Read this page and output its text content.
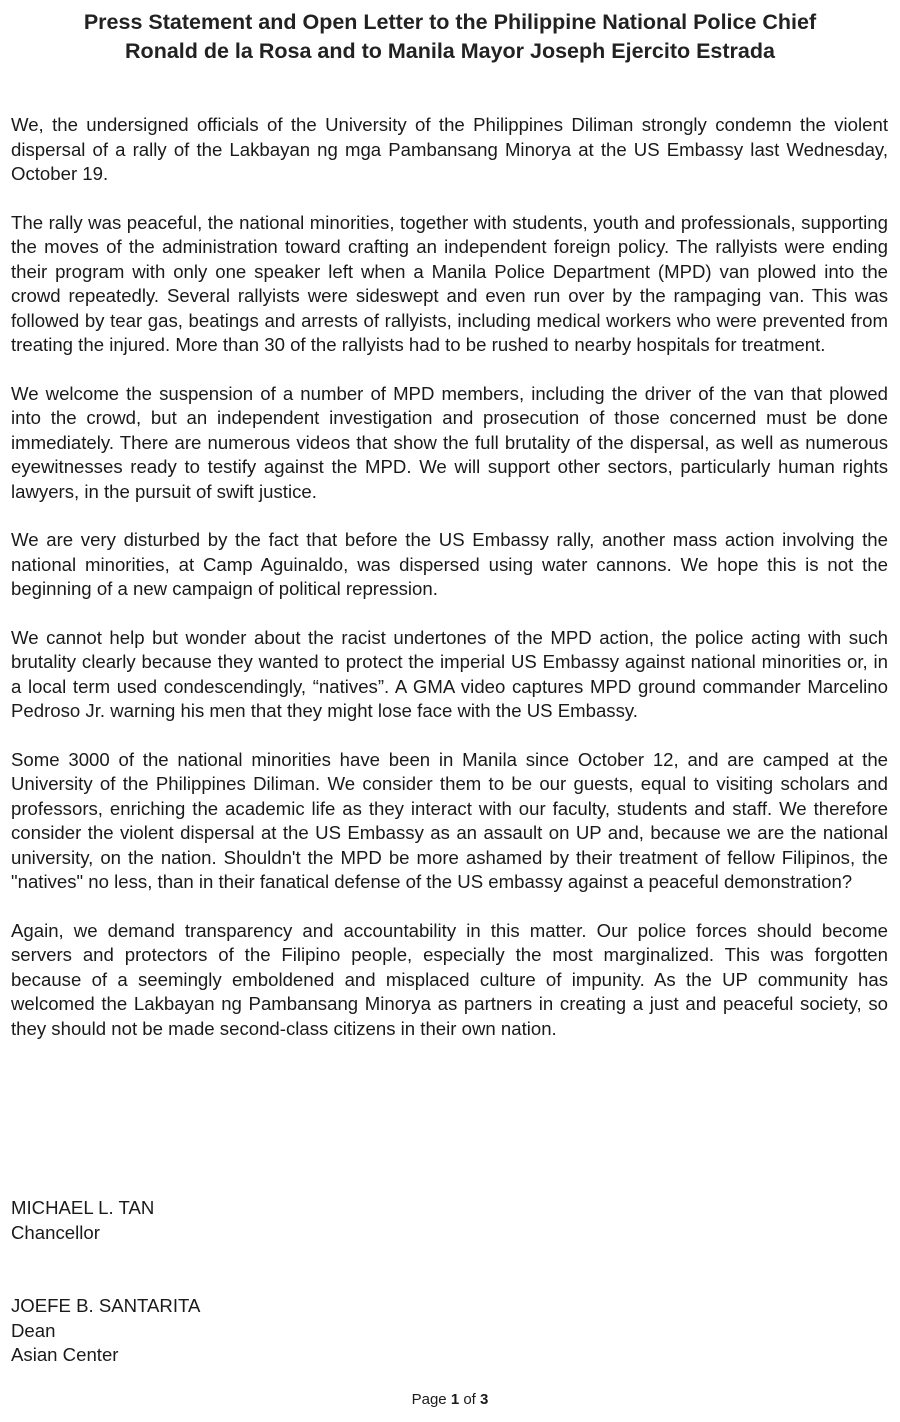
Press Statement and Open Letter to the Philippine National Police Chief
Ronald de la Rosa and to Manila Mayor Joseph Ejercito Estrada

We, the undersigned officials of the University of the Philippines Diliman strongly condemn the violent dispersal of a rally of the Lakbayan ng mga Pambansang Minorya at the US Embassy last Wednesday, October 19.

The rally was peaceful, the national minorities, together with students, youth and professionals, supporting the moves of the administration toward crafting an independent foreign policy. The rallyists were ending their program with only one speaker left when a Manila Police Department (MPD) van plowed into the crowd repeatedly. Several rallyists were sideswept and even run over by the rampaging van. This was followed by tear gas, beatings and arrests of rallyists, including medical workers who were prevented from treating the injured. More than 30 of the rallyists had to be rushed to nearby hospitals for treatment.

We welcome the suspension of a number of MPD members, including the driver of the van that plowed into the crowd, but an independent investigation and prosecution of those concerned must be done immediately. There are numerous videos that show the full brutality of the dispersal, as well as numerous eyewitnesses ready to testify against the MPD. We will support other sectors, particularly human rights lawyers, in the pursuit of swift justice.

We are very disturbed by the fact that before the US Embassy rally, another mass action involving the national minorities, at Camp Aguinaldo, was dispersed using water cannons. We hope this is not the beginning of a new campaign of political repression.

We cannot help but wonder about the racist undertones of the MPD action, the police acting with such brutality clearly because they wanted to protect the imperial US Embassy against national minorities or, in a local term used condescendingly, “natives”. A GMA video captures MPD ground commander Marcelino Pedroso Jr. warning his men that they might lose face with the US Embassy.

Some 3000 of the national minorities have been in Manila since October 12, and are camped at the University of the Philippines Diliman. We consider them to be our guests, equal to visiting scholars and professors, enriching the academic life as they interact with our faculty, students and staff. We therefore consider the violent dispersal at the US Embassy as an assault on UP and, because we are the national university, on the nation. Shouldn't the MPD be more ashamed by their treatment of fellow Filipinos, the "natives" no less, than in their fanatical defense of the US embassy against a peaceful demonstration?

Again, we demand transparency and accountability in this matter. Our police forces should become servers and protectors of the Filipino people, especially the most marginalized. This was forgotten because of a seemingly emboldened and misplaced culture of impunity. As the UP community has welcomed the Lakbayan ng Pambansang Minorya as partners in creating a just and peaceful society, so they should not be made second-class citizens in their own nation.

MICHAEL L. TAN
Chancellor
JOEFE B. SANTARITA
Dean
Asian Center
Page 1 of 3
